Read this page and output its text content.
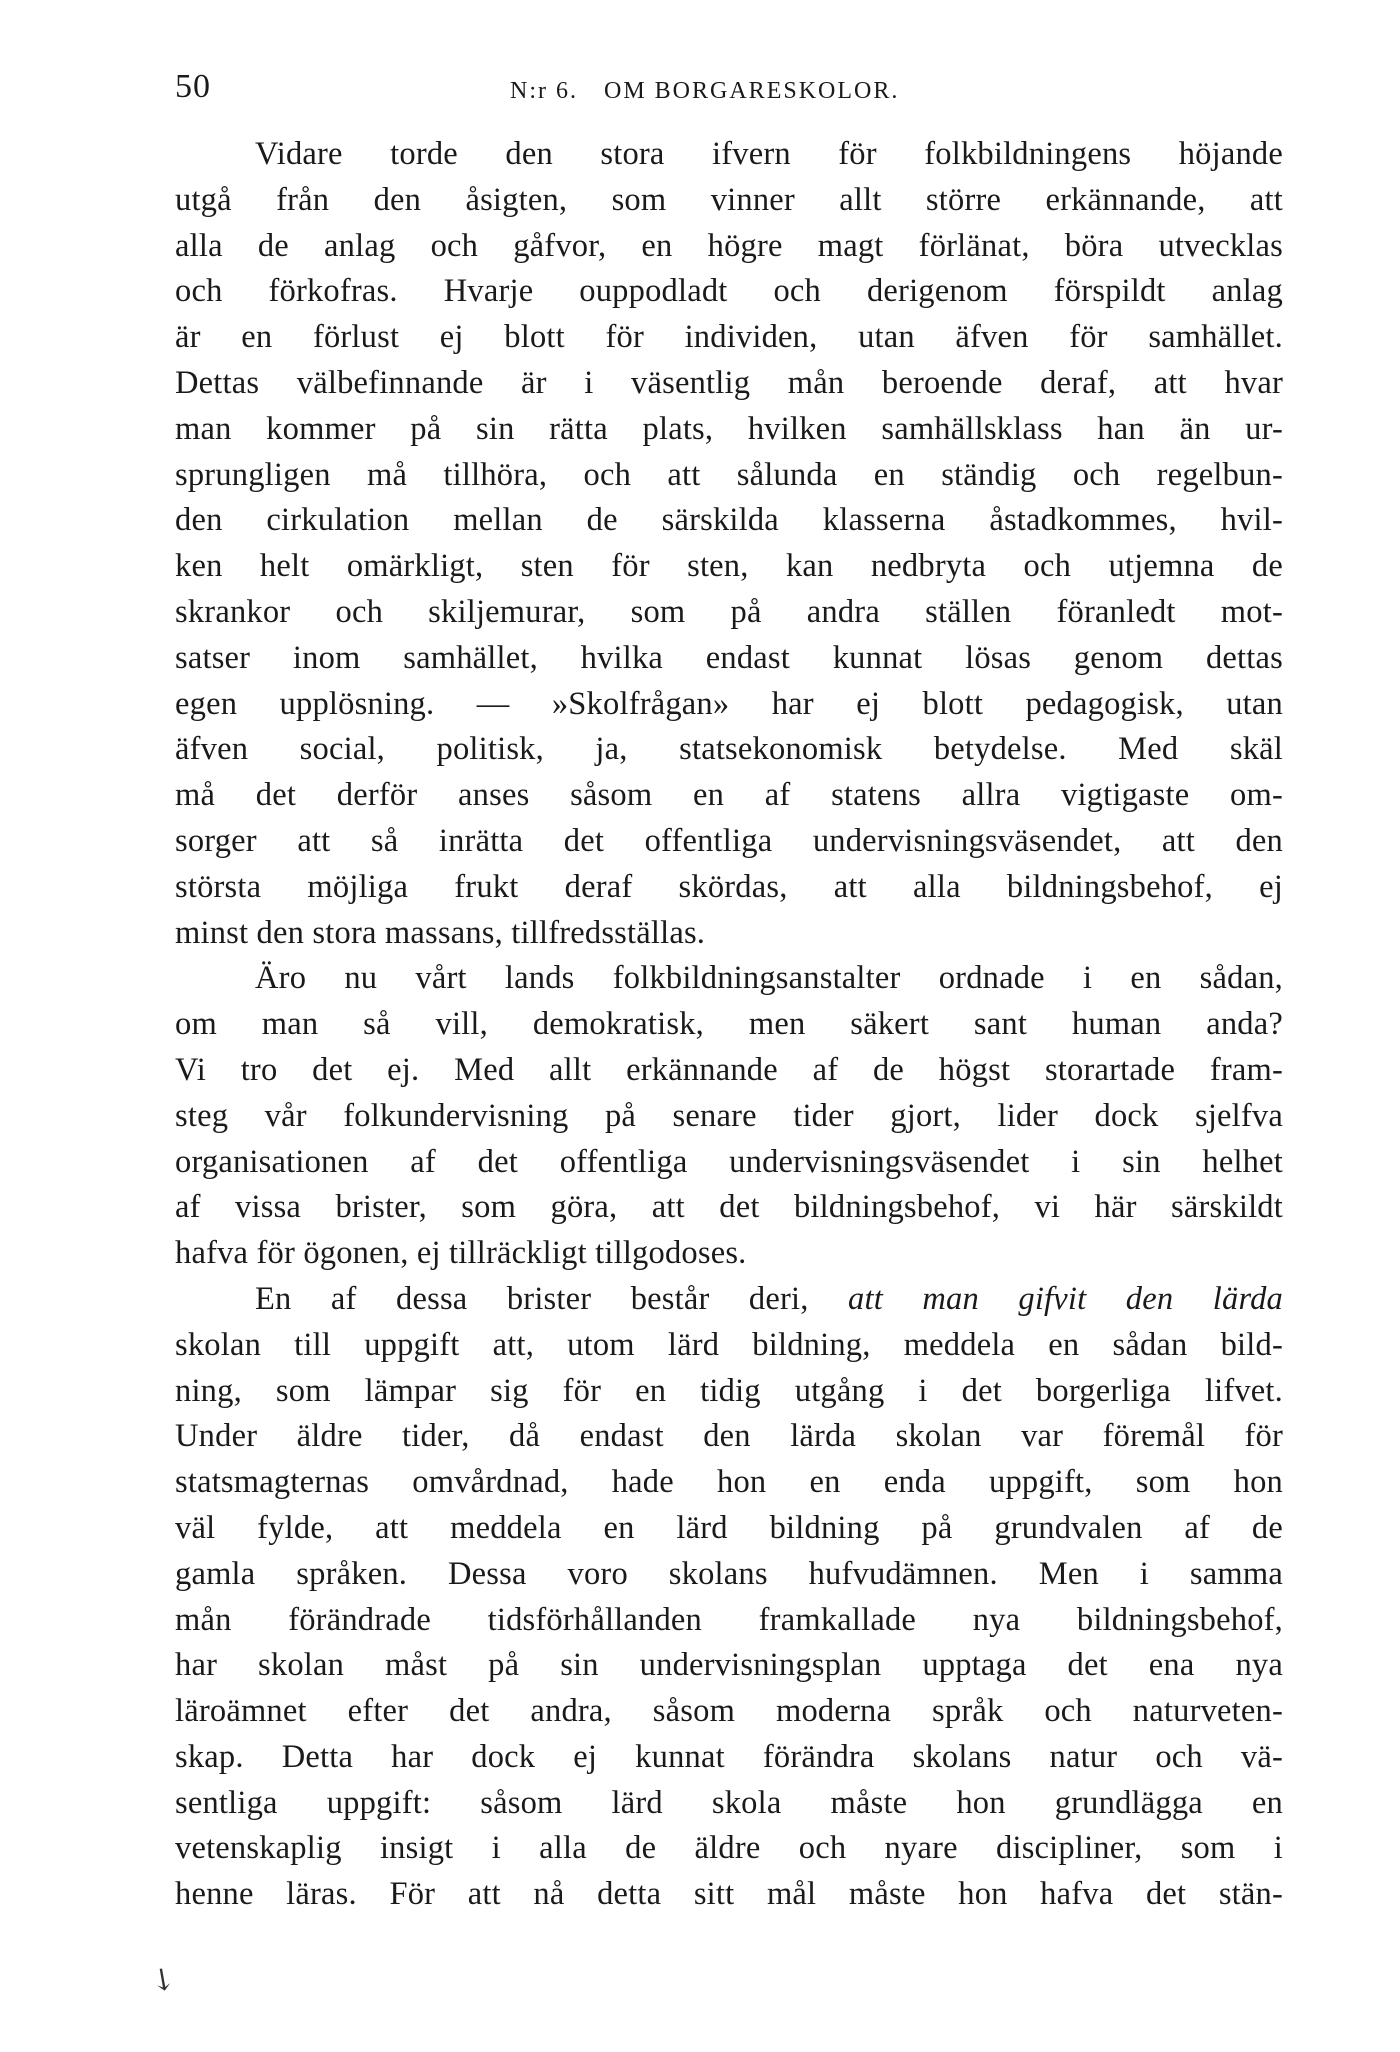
50	N:r 6. OM BORGARESKOLOR.
Vidare torde den stora ifvern för folkbildningens höjande
utgå från den åsigten, som vinner allt större erkännande, att
alla de anlag och gåfvor, en högre magt förlänat, böra utvecklas
och förkofras. Hvarje ouppodladt och derigenom förspildt anlag
är en förlust ej blott för individen, utan äfven för samhället.
Dettas välbefinnande är i väsentlig mån beroende deraf, att hvar
man kommer på sin rätta plats, hvilken samhällsklass han än ur-
sprungligen må tillhöra, och att sålunda en ständig och regelbun-
den cirkulation mellan de särskilda klasserna åstadkommes, hvil-
ken helt omärkligt, sten för sten, kan nedbryta och utjemna de
skrankor och skiljemurar, som på andra ställen föranledt mot-
satser inom samhället, hvilka endast kunnat lösas genom dettas
egen upplösning. — »Skolfrågan» har ej blott pedagogisk, utan
äfven social, politisk, ja, statsekonomisk betydelse. Med skäl
må det derför anses såsom en af statens allra vigtigaste om-
sorger att så inrätta det offentliga undervisningsväsendet, att den
största möjliga frukt deraf skördas, att alla bildningsbehof, ej
minst den stora massans, tillfredsställas.
Äro nu vårt lands folkbildningsanstalter ordnade i en sådan,
om man så vill, demokratisk, men säkert sant human anda?
Vi tro det ej. Med allt erkännande af de högst storartade fram-
steg vår folkundervisning på senare tider gjort, lider dock sjelfva
organisationen af det offentliga undervisningsväsendet i sin helhet
af vissa brister, som göra, att det bildningsbehof, vi här särskildt
hafva för ögonen, ej tillräckligt tillgodoses.
En af dessa brister består deri, att man gifvit den lärda
skolan till uppgift att, utom lärd bildning, meddela en sådan bild-
ning, som lämpar sig för en tidig utgång i det borgerliga lifvet.
Under äldre tider, då endast den lärda skolan var föremål för
statsmagternas omvårdnad, hade hon en enda uppgift, som hon
väl fylde, att meddela en lärd bildning på grundvalen af de
gamla språken. Dessa voro skolans hufvudämnen. Men i samma
mån förändrade tidsförhållanden framkallade nya bildningsbehof,
har skolan måst på sin undervisningsplan upptaga det ena nya
läroämnet efter det andra, såsom moderna språk och naturveten-
skap. Detta har dock ej kunnat förändra skolans natur och vä-
sentliga uppgift: såsom lärd skola måste hon grundlägga en
vetenskaplig insigt i alla de äldre och nyare discipliner, som i
henne läras. För att nå detta sitt mål måste hon hafva det stän-
↘
